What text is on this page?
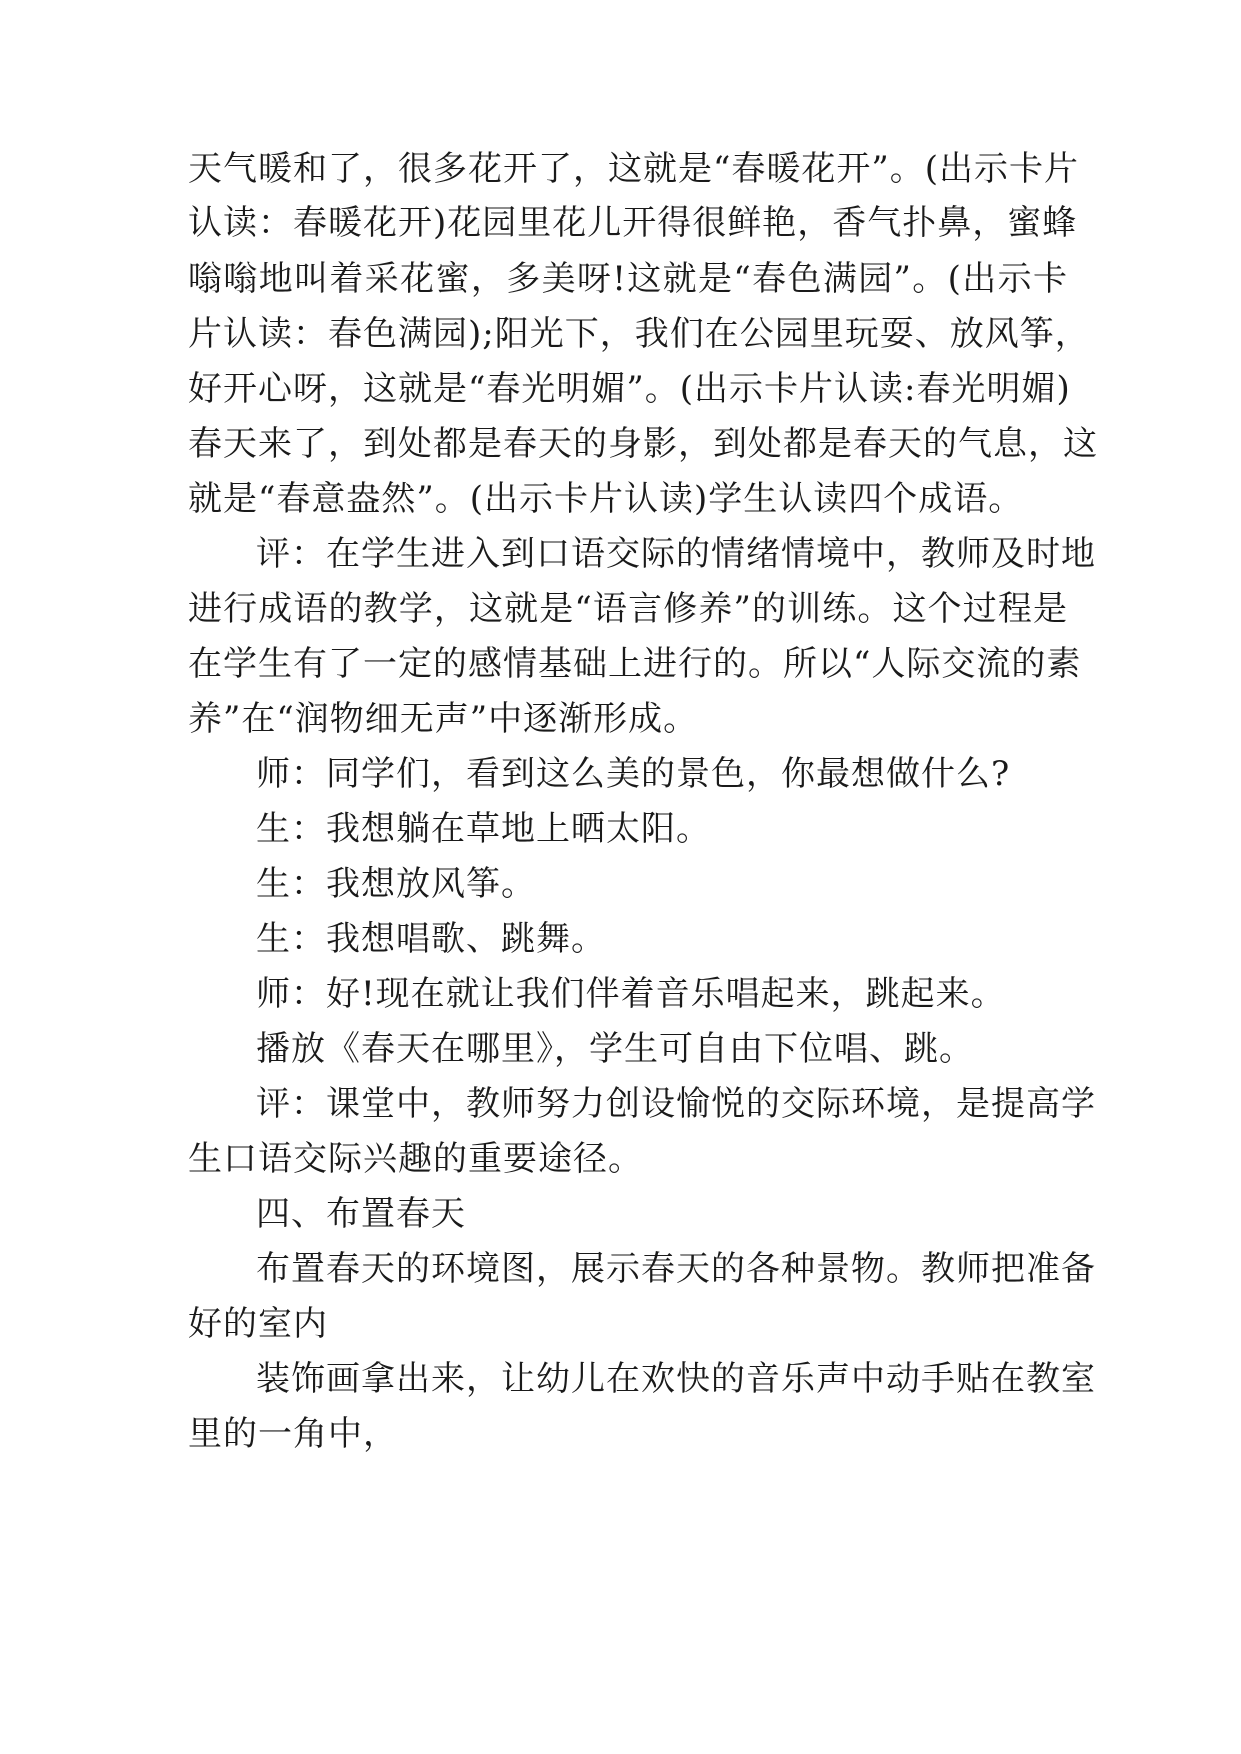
天气暖和了，很多花开了，这就是“春暖花开”。(出示卡片

认读：春暖花开)花园里花儿开得很鲜艳，香气扑鼻，蜜蜂

嗡嗡地叫着采花蜜，多美呀!这就是“春色满园”。(出示卡

片认读：春色满园);阳光下，我们在公园里玩耍、放风筝，

好开心呀，这就是“春光明媚”。(出示卡片认读:春光明媚)

春天来了，到处都是春天的身影，到处都是春天的气息，这

就是“春意盎然”。(出示卡片认读)学生认读四个成语。

评：在学生进入到口语交际的情绪情境中，教师及时地

进行成语的教学，这就是“语言修养”的训练。这个过程是

在学生有了一定的感情基础上进行的。所以“人际交流的素

养”在“润物细无声”中逐渐形成。

师：同学们，看到这么美的景色，你最想做什么?

生：我想躺在草地上晒太阳。

生：我想放风筝。

生：我想唱歌、跳舞。

师：好!现在就让我们伴着音乐唱起来，跳起来。

播放《春天在哪里》，学生可自由下位唱、跳。

评：课堂中，教师努力创设愉悦的交际环境，是提高学

生口语交际兴趣的重要途径。

四、布置春天

布置春天的环境图，展示春天的各种景物。教师把准备

好的室内

装饰画拿出来，让幼儿在欢快的音乐声中动手贴在教室

里的一角中，
